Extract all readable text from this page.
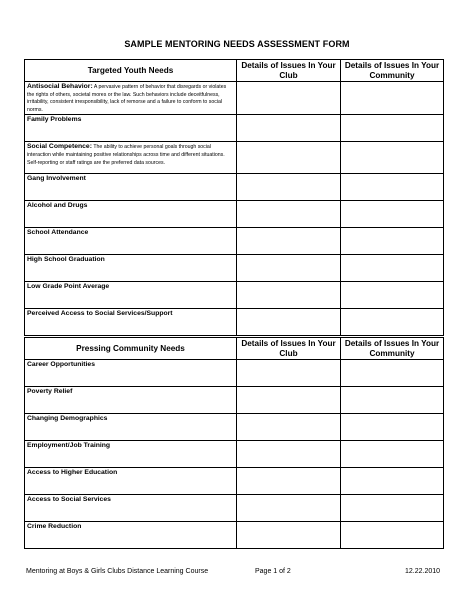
SAMPLE MENTORING NEEDS ASSESSMENT FORM
Targeted Youth Needs	Details of Issues In Your Club	Details of Issues In Your Community
Antisocial Behavior: A pervasive pattern of behavior that disregards or violates the rights of others, societal mores or the law. Such behaviors include deceitfulness, irritability, consistent irresponsibility, lack of remorse and a failure to conform to social norms.		
Family Problems		
Social Competence: The ability to achieve personal goals through social interaction while maintaining positive relationships across time and different situations. Self-reporting or staff ratings are the preferred data sources.		
Gang Involvement		
Alcohol and Drugs		
School Attendance		
High School Graduation		
Low Grade Point Average		
Perceived Access to Social Services/Support		
Pressing Community Needs	Details of Issues In Your Club	Details of Issues In Your Community
Career Opportunities		
Poverty Relief		
Changing Demographics		
Employment/Job Training		
Access to Higher Education		
Access to Social Services		
Crime Reduction		
Mentoring at Boys & Girls Clubs Distance Learning Course	Page 1 of 2	12.22.2010
